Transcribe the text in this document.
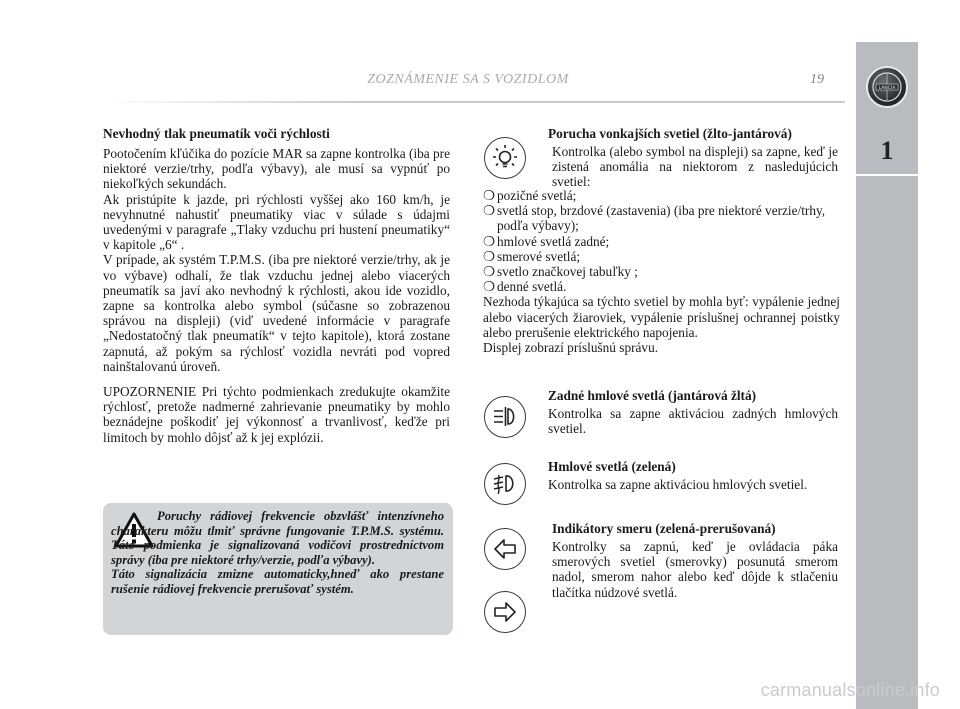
ZOZNÁMENIE SA S VOZIDLOM	19
LANCIA
1

Nevhodný tlak pneumatík voči rýchlosti

Pootočením kľúčika do pozície MAR sa zapne kontrolka (iba pre niektoré verzie/trhy, podľa výbavy), ale musí sa vypnúť po niekoľkých sekundách.

Ak pristúpite k jazde, pri rýchlosti vyššej ako 160 km/h, je nevyhnutné nahustiť pneumatiky viac v súlade s údajmi uvedenými v paragrafe „Tlaky vzduchu pri hustení pneumatiky“ v kapitole „6“ .

V prípade, ak systém T.P.M.S. (iba pre niektoré verzie/trhy, ak je vo výbave) odhalí, že tlak vzduchu jednej alebo viacerých pneumatík sa javí ako nevhodný k rýchlosti, akou ide vozidlo, zapne sa kontrolka alebo symbol (súčasne so zobrazenou správou na displeji) (viď uvedené informácie v paragrafe „Nedostatočný tlak pneumatík“ v tejto kapitole), ktorá zostane zapnutá, až pokým sa rýchlosť vozidla nevráti pod vopred nainštalovanú úroveň.

UPOZORNENIE Pri týchto podmienkach zredukujte okamžite rýchlosť, pretože nadmerné zahrievanie pneumatiky by mohlo beznádejne poškodiť jej výkonnosť a trvanlivosť, keďže pri limitoch by mohlo dôjsť až k jej explózii.

Poruchy rádiovej frekvencie obzvlášť intenzívneho charakteru môžu tlmiť správne fungovanie T.P.M.S. systému. Táto podmienka je signalizovaná vodičovi prostredníctvom správy (iba pre niektoré trhy/verzie, podľa výbavy).
Táto signalizácia zmizne automaticky,hneď ako prestane rušenie rádiovej frekvencie prerušovať systém.

Porucha vonkajších svetiel (žlto-jantárová)

Kontrolka (alebo symbol na displeji) sa zapne, keď je zistená anomália na niektorom z nasledujúcich svetiel:

❍ pozičné svetlá;
❍ svetlá stop, brzdové (zastavenia) (iba pre niektoré verzie/trhy, podľa výbavy);
❍ hmlové svetlá zadné;
❍ smerové svetlá;
❍ svetlo značkovej tabuľky ;
❍ denné svetlá.

Nezhoda týkajúca sa týchto svetiel by mohla byť: vypálenie jednej alebo viacerých žiaroviek, vypálenie príslušnej ochrannej poistky alebo prerušenie elektrického napojenia.

Displej zobrazí príslušnú správu.

Zadné hmlové svetlá (jantárová žltá)

Kontrolka sa zapne aktiváciou zadných hmlových svetiel.

Hmlové svetlá (zelená)

Kontrolka sa zapne aktiváciou hmlových svetiel.

Indikátory smeru (zelená-prerušovaná)

Kontrolky sa zapnú, keď je ovládacia páka smerových svetiel (smerovky) posunutá smerom nadol, smerom nahor alebo keď dôjde k stlačeniu tlačítka núdzové svetlá.

carmanualsonline.info
